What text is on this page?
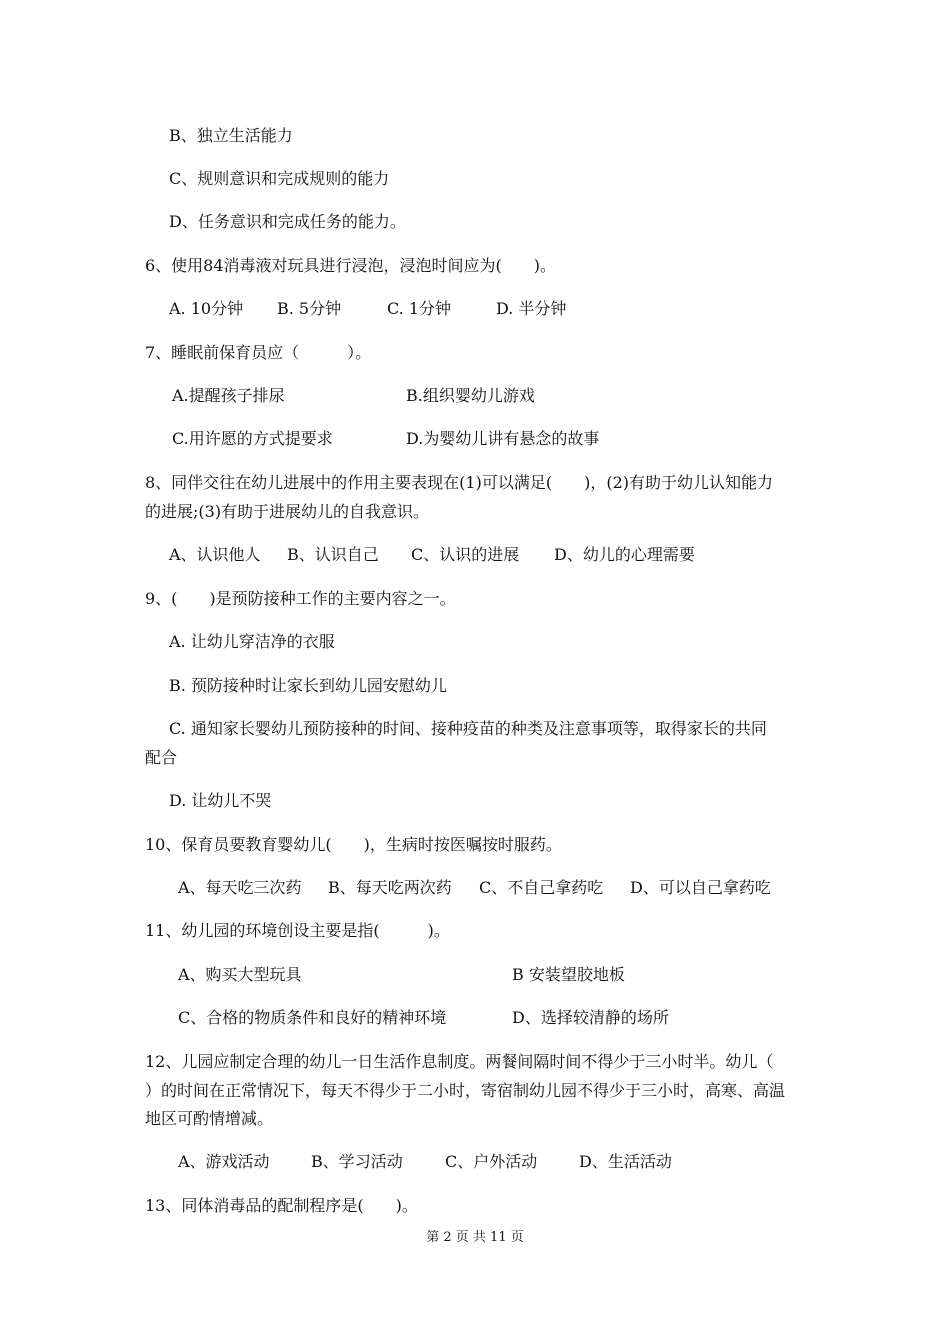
B、独立生活能力
C、规则意识和完成规则的能力
D、任务意识和完成任务的能力。
6、使用84消毒液对玩具进行浸泡，浸泡时间应为(　　)。
A. 10分钟 B. 5分钟	C. 1分钟	D. 半分钟
7、睡眠前保育员应（　　　）。
A.提醒孩子排尿	B.组织婴幼儿游戏
C.用许愿的方式提要求	D.为婴幼儿讲有悬念的故事
8、同伴交往在幼儿进展中的作用主要表现在(1)可以满足(　　)，(2)有助于幼儿认知能力
的进展;(3)有助于进展幼儿的自我意识。
A、认识他人 B、认识自己 C、认识的进展 D、幼儿的心理需要
9、(　　)是预防接种工作的主要内容之一。
A. 让幼儿穿洁净的衣服
B. 预防接种时让家长到幼儿园安慰幼儿
C. 通知家长婴幼儿预防接种的时间、接种疫苗的种类及注意事项等，取得家长的共同
配合
D. 让幼儿不哭
10、保育员要教育婴幼儿(　　)，生病时按医嘱按时服药。
A、每天吃三次药 B、每天吃两次药 C、不自己拿药吃 D、可以自己拿药吃
11、幼儿园的环境创设主要是指(　　　)。
A、购买大型玩具	B 安装望胶地板
C、合格的物质条件和良好的精神环境	D、选择较清静的场所
12、儿园应制定合理的幼儿一日生活作息制度。两餐间隔时间不得少于三小时半。幼儿（
）的时间在正常情况下，每天不得少于二小时，寄宿制幼儿园不得少于三小时，高寒、高温
地区可酌情增减。
A、游戏活动	B、学习活动	C、户外活动	D、生活活动
13、同体消毒品的配制程序是(　　)。
第 2 页 共 11 页
